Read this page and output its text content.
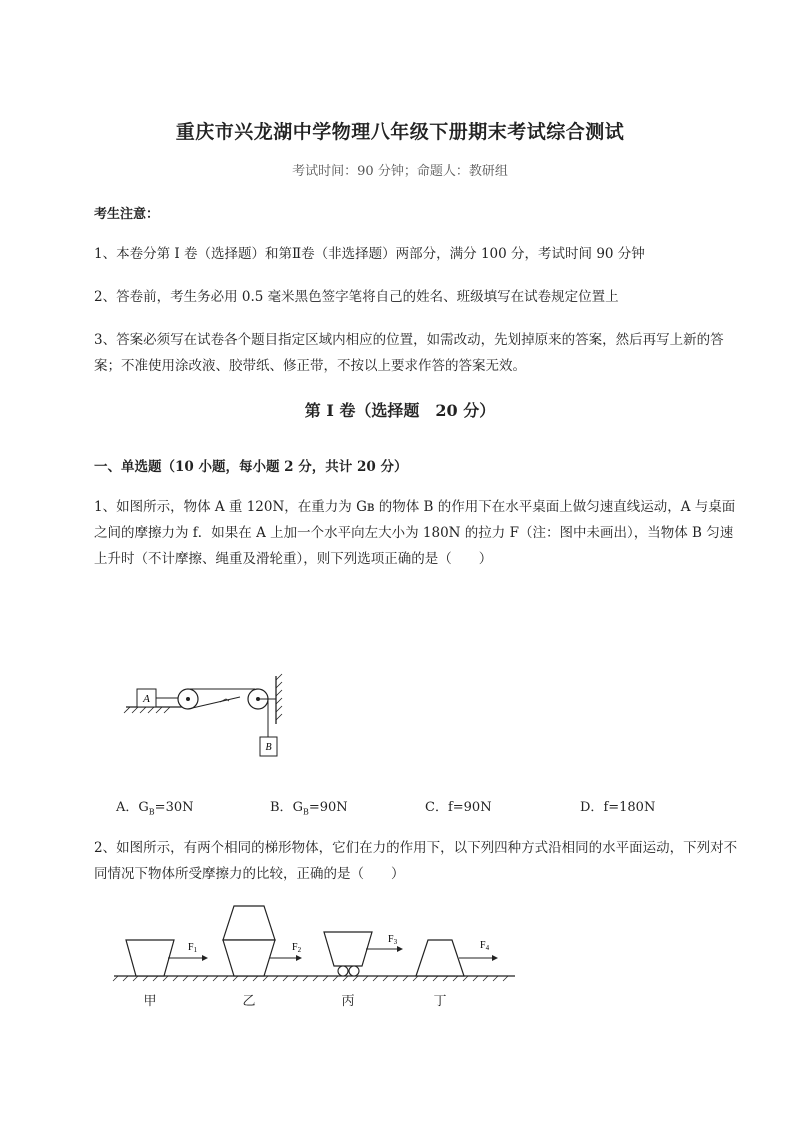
重庆市兴龙湖中学物理八年级下册期末考试综合测试
考试时间：90 分钟；命题人：教研组
考生注意：
1、本卷分第 I 卷（选择题）和第Ⅱ卷（非选择题）两部分，满分 100 分，考试时间 90 分钟
2、答卷前，考生务必用 0.5 毫米黑色签字笔将自己的姓名、班级填写在试卷规定位置上
3、答案必须写在试卷各个题目指定区域内相应的位置，如需改动，先划掉原来的答案，然后再写上新的答案；不准使用涂改液、胶带纸、修正带，不按以上要求作答的答案无效。
第 I 卷（选择题　20 分）
一、单选题（10 小题，每小题 2 分，共计 20 分）
1、如图所示，物体 A 重 120N，在重力为 Gʙ 的物体 B 的作用下在水平桌面上做匀速直线运动，A 与桌面之间的摩擦力为 f．如果在 A 上加一个水平向左大小为 180N 的拉力 F（注：图中未画出），当物体 B 匀速上升时（不计摩擦、绳重及滑轮重），则下列选项正确的是（　　）
A
B
A．$G_B=30N$	B．$G_B=90N$	C．f=90N	D．f=180N
2、如图所示，有两个相同的梯形物体，它们在力的作用下，以下列四种方式沿相同的水平面运动，下列对不同情况下物体所受摩擦力的比较，正确的是（　　）
$F_1$	$F_2$
$F_3$	$F_4$
甲	乙	丙	丁
